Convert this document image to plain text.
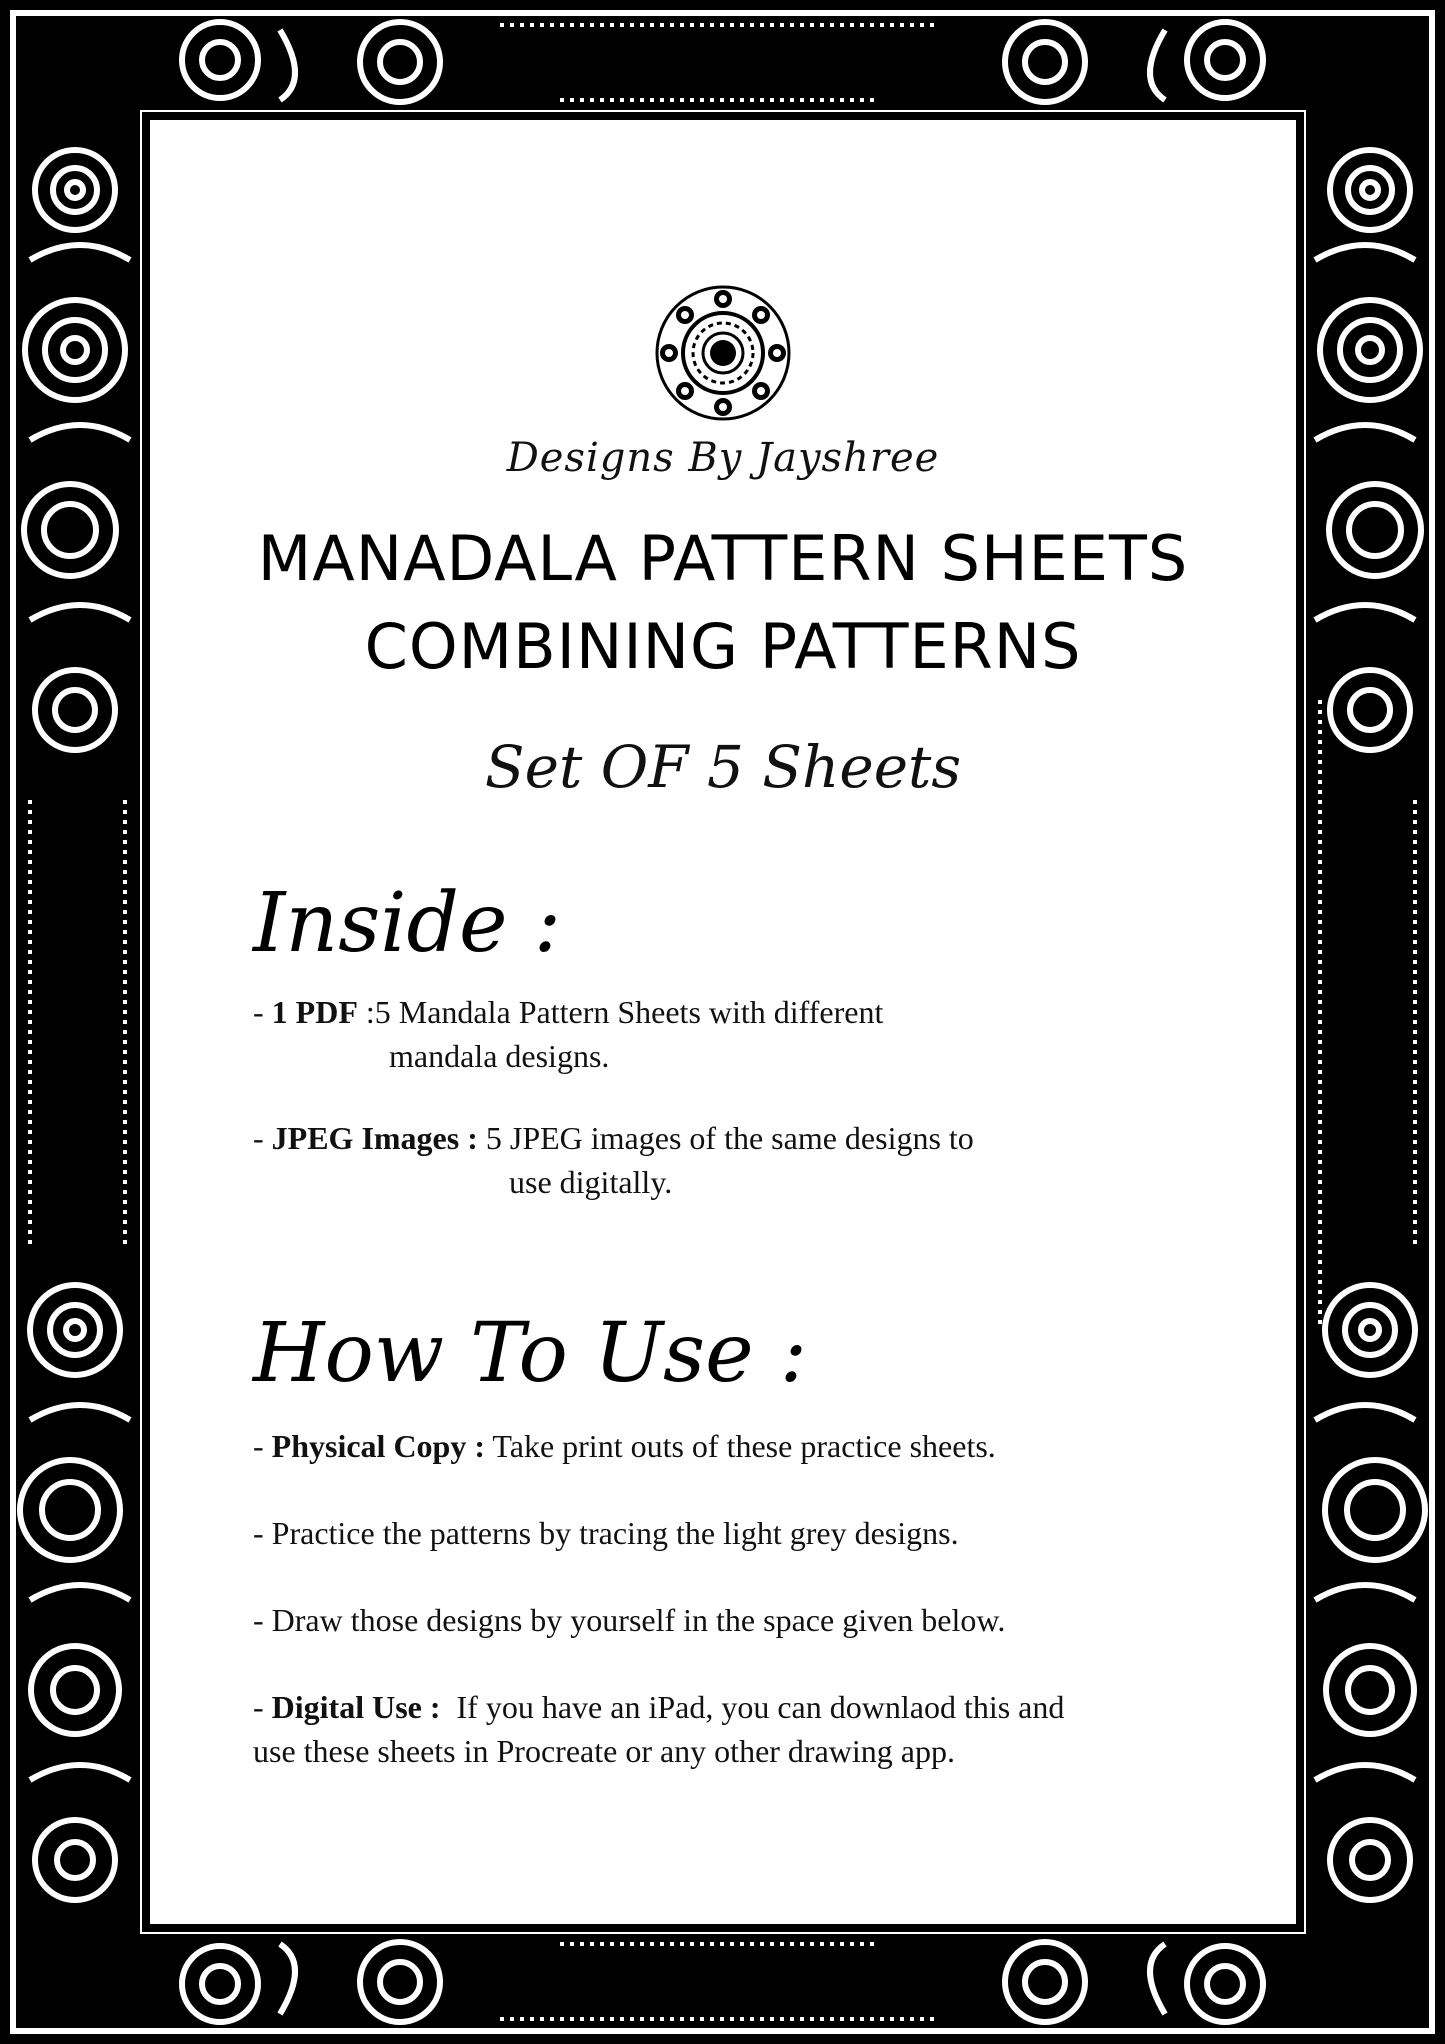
Designs By Jayshree
MANADALA PATTERN SHEETS
COMBINING PATTERNS
Set OF 5 Sheets
Inside :
- 1 PDF :5 Mandala Pattern Sheets with different
mandala designs.
- JPEG Images : 5 JPEG images of the same designs to
use digitally.
How To Use :
- Physical Copy : Take print outs of these practice sheets.
- Practice the patterns by tracing the light grey designs.
- Draw those designs by yourself in the space given below.
- Digital Use :  If you have an iPad, you can downlaod this and
use these sheets in Procreate or any other drawing app.
